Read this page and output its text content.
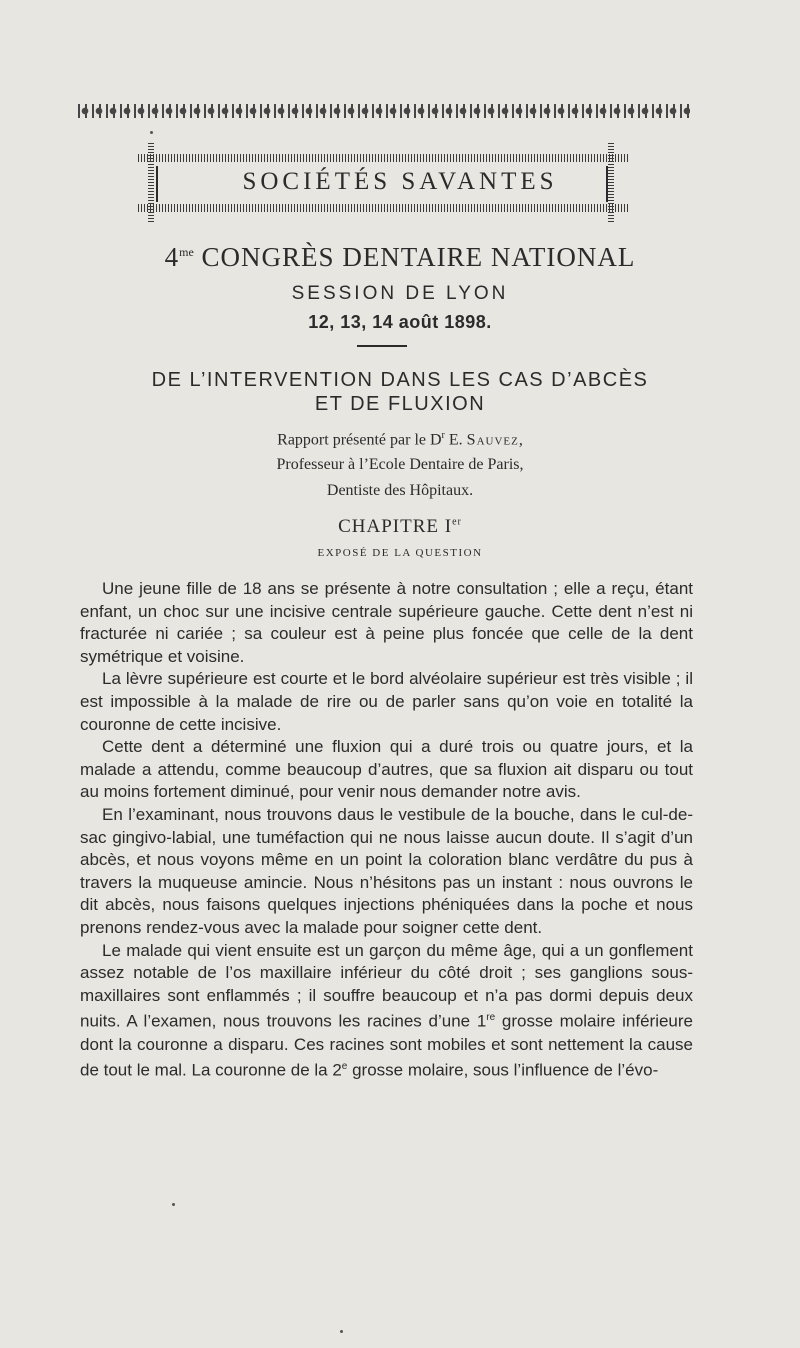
SOCIÉTÉS SAVANTES
$4^{me}$ CONGRÈS DENTAIRE NATIONAL
SESSION DE LYON
12, 13, 14 août 1898.
DE L’INTERVENTION DANS LES CAS D’ABCÈS
ET DE FLUXION
Rapport présenté par le $D^r$ E. Sauvez,
Professeur à l’Ecole Dentaire de Paris,
Dentiste des Hôpitaux.
CHAPITRE Ier
EXPOSÉ DE LA QUESTION

Une jeune fille de 18 ans se présente à notre consultation ; elle a reçu, étant enfant, un choc sur une incisive centrale supérieure gauche. Cette dent n’est ni fracturée ni cariée ; sa couleur est à peine plus foncée que celle de la dent symétrique et voisine.

La lèvre supérieure est courte et le bord alvéolaire supérieur est très visible ; il est impossible à la malade de rire ou de parler sans qu’on voie en totalité la couronne de cette incisive.

Cette dent a déterminé une fluxion qui a duré trois ou quatre jours, et la malade a attendu, comme beaucoup d’autres, que sa fluxion ait disparu ou tout au moins fortement diminué, pour venir nous demander notre avis.

En l’examinant, nous trouvons daus le vestibule de la bouche, dans le cul-de-sac gingivo-labial, une tuméfaction qui ne nous laisse aucun doute. Il s’agit d’un abcès, et nous voyons même en un point la coloration blanc verdâtre du pus à travers la muqueuse amincie. Nous n’hésitons pas un instant : nous ouvrons le dit abcès, nous faisons quelques injections phéniquées dans la poche et nous prenons rendez-vous avec la malade pour soigner cette dent.

Le malade qui vient ensuite est un garçon du même âge, qui a un gonflement assez notable de l’os maxillaire inférieur du côté droit ; ses ganglions sous-maxillaires sont enflammés ; il souffre beaucoup et n’a pas dormi depuis deux nuits. A l’examen, nous trouvons les racines d’une 1re grosse molaire inférieure dont la couronne a disparu. Ces racines sont mobiles et sont nettement la cause de tout le mal. La couronne de la 2e grosse molaire, sous l’influence de l’évo-
